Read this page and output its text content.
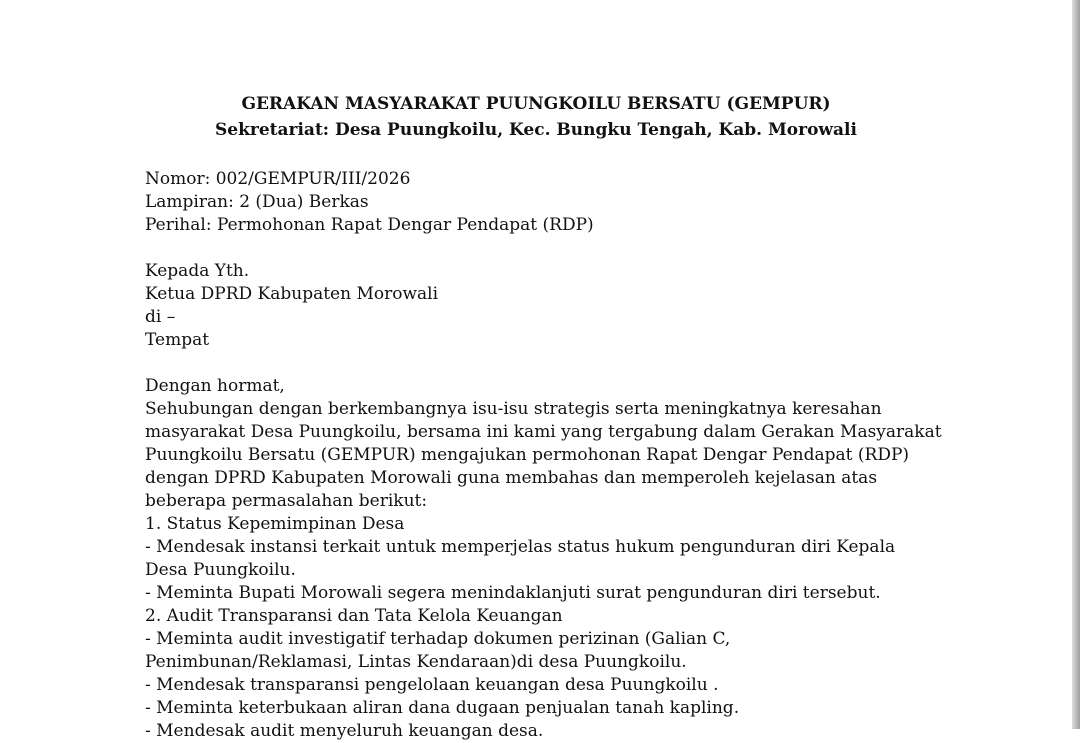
GERAKAN MASYARAKAT PUUNGKOILU BERSATU (GEMPUR)
Sekretariat: Desa Puungkoilu, Kec. Bungku Tengah, Kab. Morowali
Nomor: 002/GEMPUR/III/2026
Lampiran: 2 (Dua) Berkas
Perihal: Permohonan Rapat Dengar Pendapat (RDP)
Kepada Yth.
Ketua DPRD Kabupaten Morowali
di –
Tempat
Dengan hormat,
Sehubungan dengan berkembangnya isu-isu strategis serta meningkatnya keresahan
masyarakat Desa Puungkoilu, bersama ini kami yang tergabung dalam Gerakan Masyarakat
Puungkoilu Bersatu (GEMPUR) mengajukan permohonan Rapat Dengar Pendapat (RDP)
dengan DPRD Kabupaten Morowali guna membahas dan memperoleh kejelasan atas
beberapa permasalahan berikut:
1. Status Kepemimpinan Desa
- Mendesak instansi terkait untuk memperjelas status hukum pengunduran diri Kepala
Desa Puungkoilu.
- Meminta Bupati Morowali segera menindaklanjuti surat pengunduran diri tersebut.
2. Audit Transparansi dan Tata Kelola Keuangan
- Meminta audit investigatif terhadap dokumen perizinan (Galian C,
Penimbunan/Reklamasi, Lintas Kendaraan)di desa Puungkoilu.
- Mendesak transparansi pengelolaan keuangan desa Puungkoilu .
- Meminta keterbukaan aliran dana dugaan penjualan tanah kapling.
- Mendesak audit menyeluruh keuangan desa.
